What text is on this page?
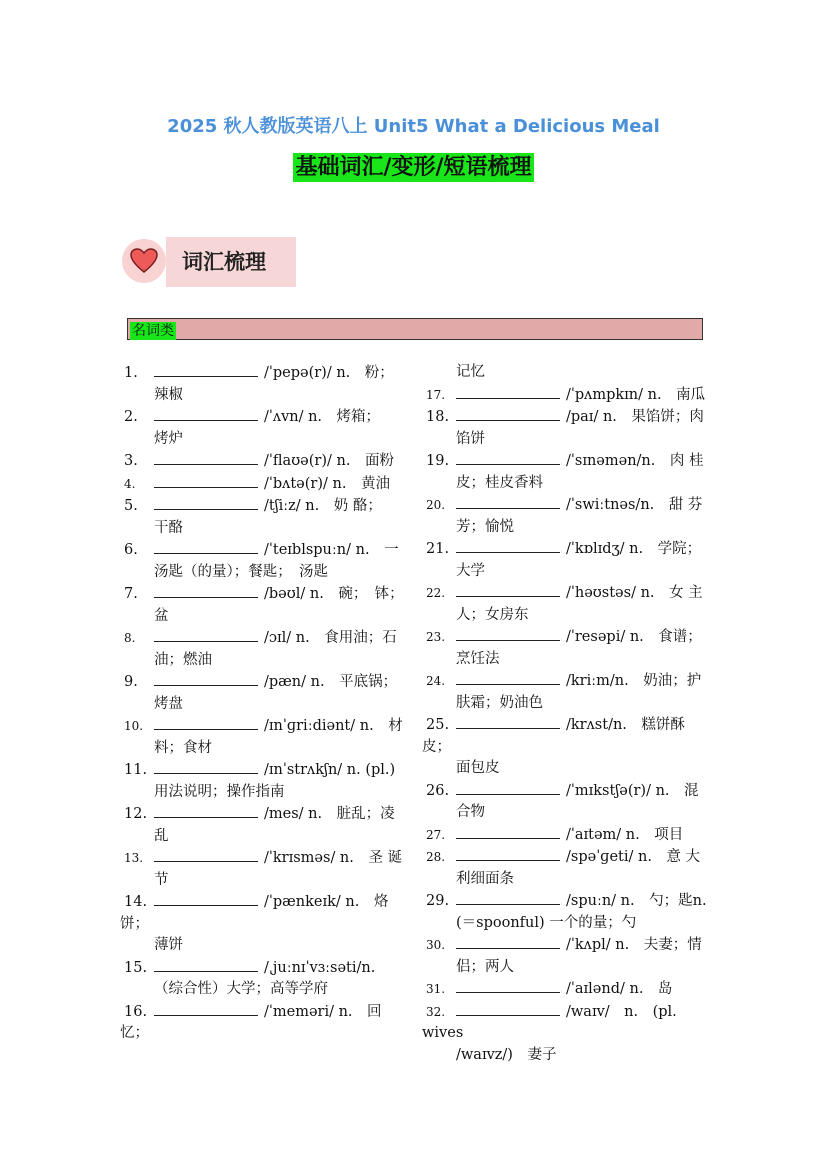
2025 秋人教版英语八上 Unit5 What a Delicious Meal
基础词汇/变形/短语梳理
词汇梳理
名词类
1.	/ˈpepə(r)/ n.　粉；
辣椒
2.	/ˈʌvn/ n.　烤箱；
烤炉
3.	/ˈflaʊə(r)/ n.　面粉
4.	/ˈbʌtə(r)/ n.　黄油
5.	/tʃiːz/ n.　奶 酪；
干酪
6.	/ˈteɪblspuːn/ n.　一
汤匙（的量）；餐匙；　汤匙
7.	/bəʊl/ n.　碗；　钵；
盆
8.	/ɔɪl/ n.　食用油；石
油；燃油
9.	/pæn/ n.　平底锅；
烤盘
10.	/ɪnˈɡriːdiənt/ n.　材
料；食材
11.	/ɪnˈstrʌkʃn/ n. (pl.)
用法说明；操作指南
12.	/mes/ n.　脏乱；凌
乱
13.	/ˈkrɪsməs/ n.　圣 诞
节
14.	/ˈpænkeɪk/ n.　烙饼；
薄饼
15.	/ˌjuːnɪˈvɜːsəti/n.
（综合性）大学；高等学府
16.	/ˈmeməri/ n.　回 忆；
记忆
17.	/ˈpʌmpkɪn/ n.　南瓜
18.	/paɪ/ n.　果馅饼；肉
馅饼
19.	/ˈsɪnəmən/n.　肉 桂
皮；桂皮香料
20.	/ˈswiːtnəs/n.　甜 芬
芳；愉悦
21.	/ˈkɒlɪdʒ/ n.　学院；
大学
22.	/ˈhəʊstəs/ n.　女 主
人；女房东
23.	/ˈresəpi/ n.　食谱；
烹饪法
24.	/kriːm/n.　奶油；护
肤霜；奶油色
25.	/krʌst/n.　糕饼酥皮；
面包皮
26.	/ˈmɪkstʃə(r)/ n.　混
合物
27.	/ˈaɪtəm/ n.　项目
28.	/spəˈɡeti/ n.　意 大
利细面条
29.	/spuːn/ n.　勺；匙n.
(＝spoonful) 一个的量；勺
30.	/ˈkʌpl/ n.　夫妻；情
侣；两人
31.	/ˈaɪlənd/ n.　岛
32.	/waɪv/　n.　(pl. wives
/waɪvz/)　妻子
